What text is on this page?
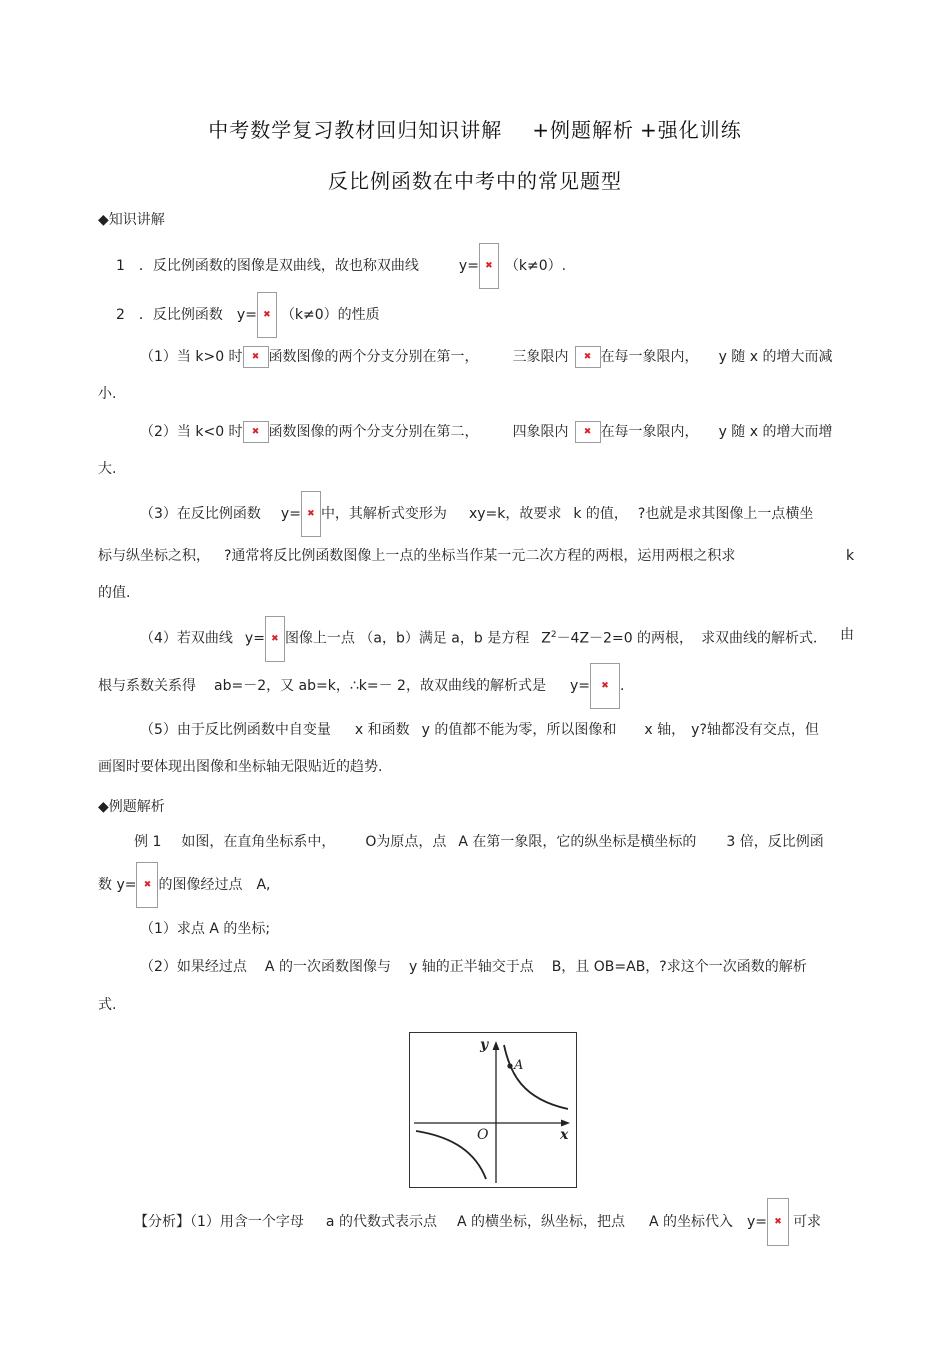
中考数学复习教材回归知识讲解 +例题解析 +强化训练
反比例函数在中考中的常见题型
◆知识讲解
1 ．反比例函数的图像是双曲线，故也称双曲线	y= ✖ （k≠0）.
2 ．反比例函数 y= ✖ （k≠0）的性质
（1）当 k>0 时 ✖ 函数图像的两个分支分别在第一， 三象限内 ✖ 在每一象限内， y 随 x 的增大而减
小.
（2）当 k<0 时 ✖ 函数图像的两个分支分别在第二， 四象限内 ✖ 在每一象限内， y 随 x 的增大而增
大.
（3）在反比例函数 y= ✖ 中，其解析式变形为 xy=k，故要求 k 的值， ?也就是求其图像上一点横坐
标与纵坐标之积， ?通常将反比例函数图像上一点的坐标当作某一元二次方程的两根，运用两根之积求	k
的值.
（4）若双曲线 y= ✖ 图像上一点 （a，b）满足 a，b 是方程 $Z^2-4Z-2=0$ 的两根， 求双曲线的解析式． 由
根与系数关系得 ab=－2，又 ab=k，∴k=－ 2，故双曲线的解析式是 y= ✖ .
（5）由于反比例函数中自变量 x 和函数 y 的值都不能为零，所以图像和 x 轴， y?轴都没有交点，但
画图时要体现出图像和坐标轴无限贴近的趋势.
◆例题解析
例 1 如图，在直角坐标系中， O为原点，点 A 在第一象限，它的纵坐标是横坐标的 3 倍，反比例函
数 y= ✖ 的图像经过点 A,
（1）求点 A 的坐标;
（2）如果经过点 A 的一次函数图像与 y 轴的正半轴交于点 B，且 OB=AB，?求这个一次函数的解析
式.
y
x
O
A
【分析】（1）用含一个字母 a 的代数式表示点 A 的横坐标，纵坐标，把点 A 的坐标代入 y= ✖ 可求
